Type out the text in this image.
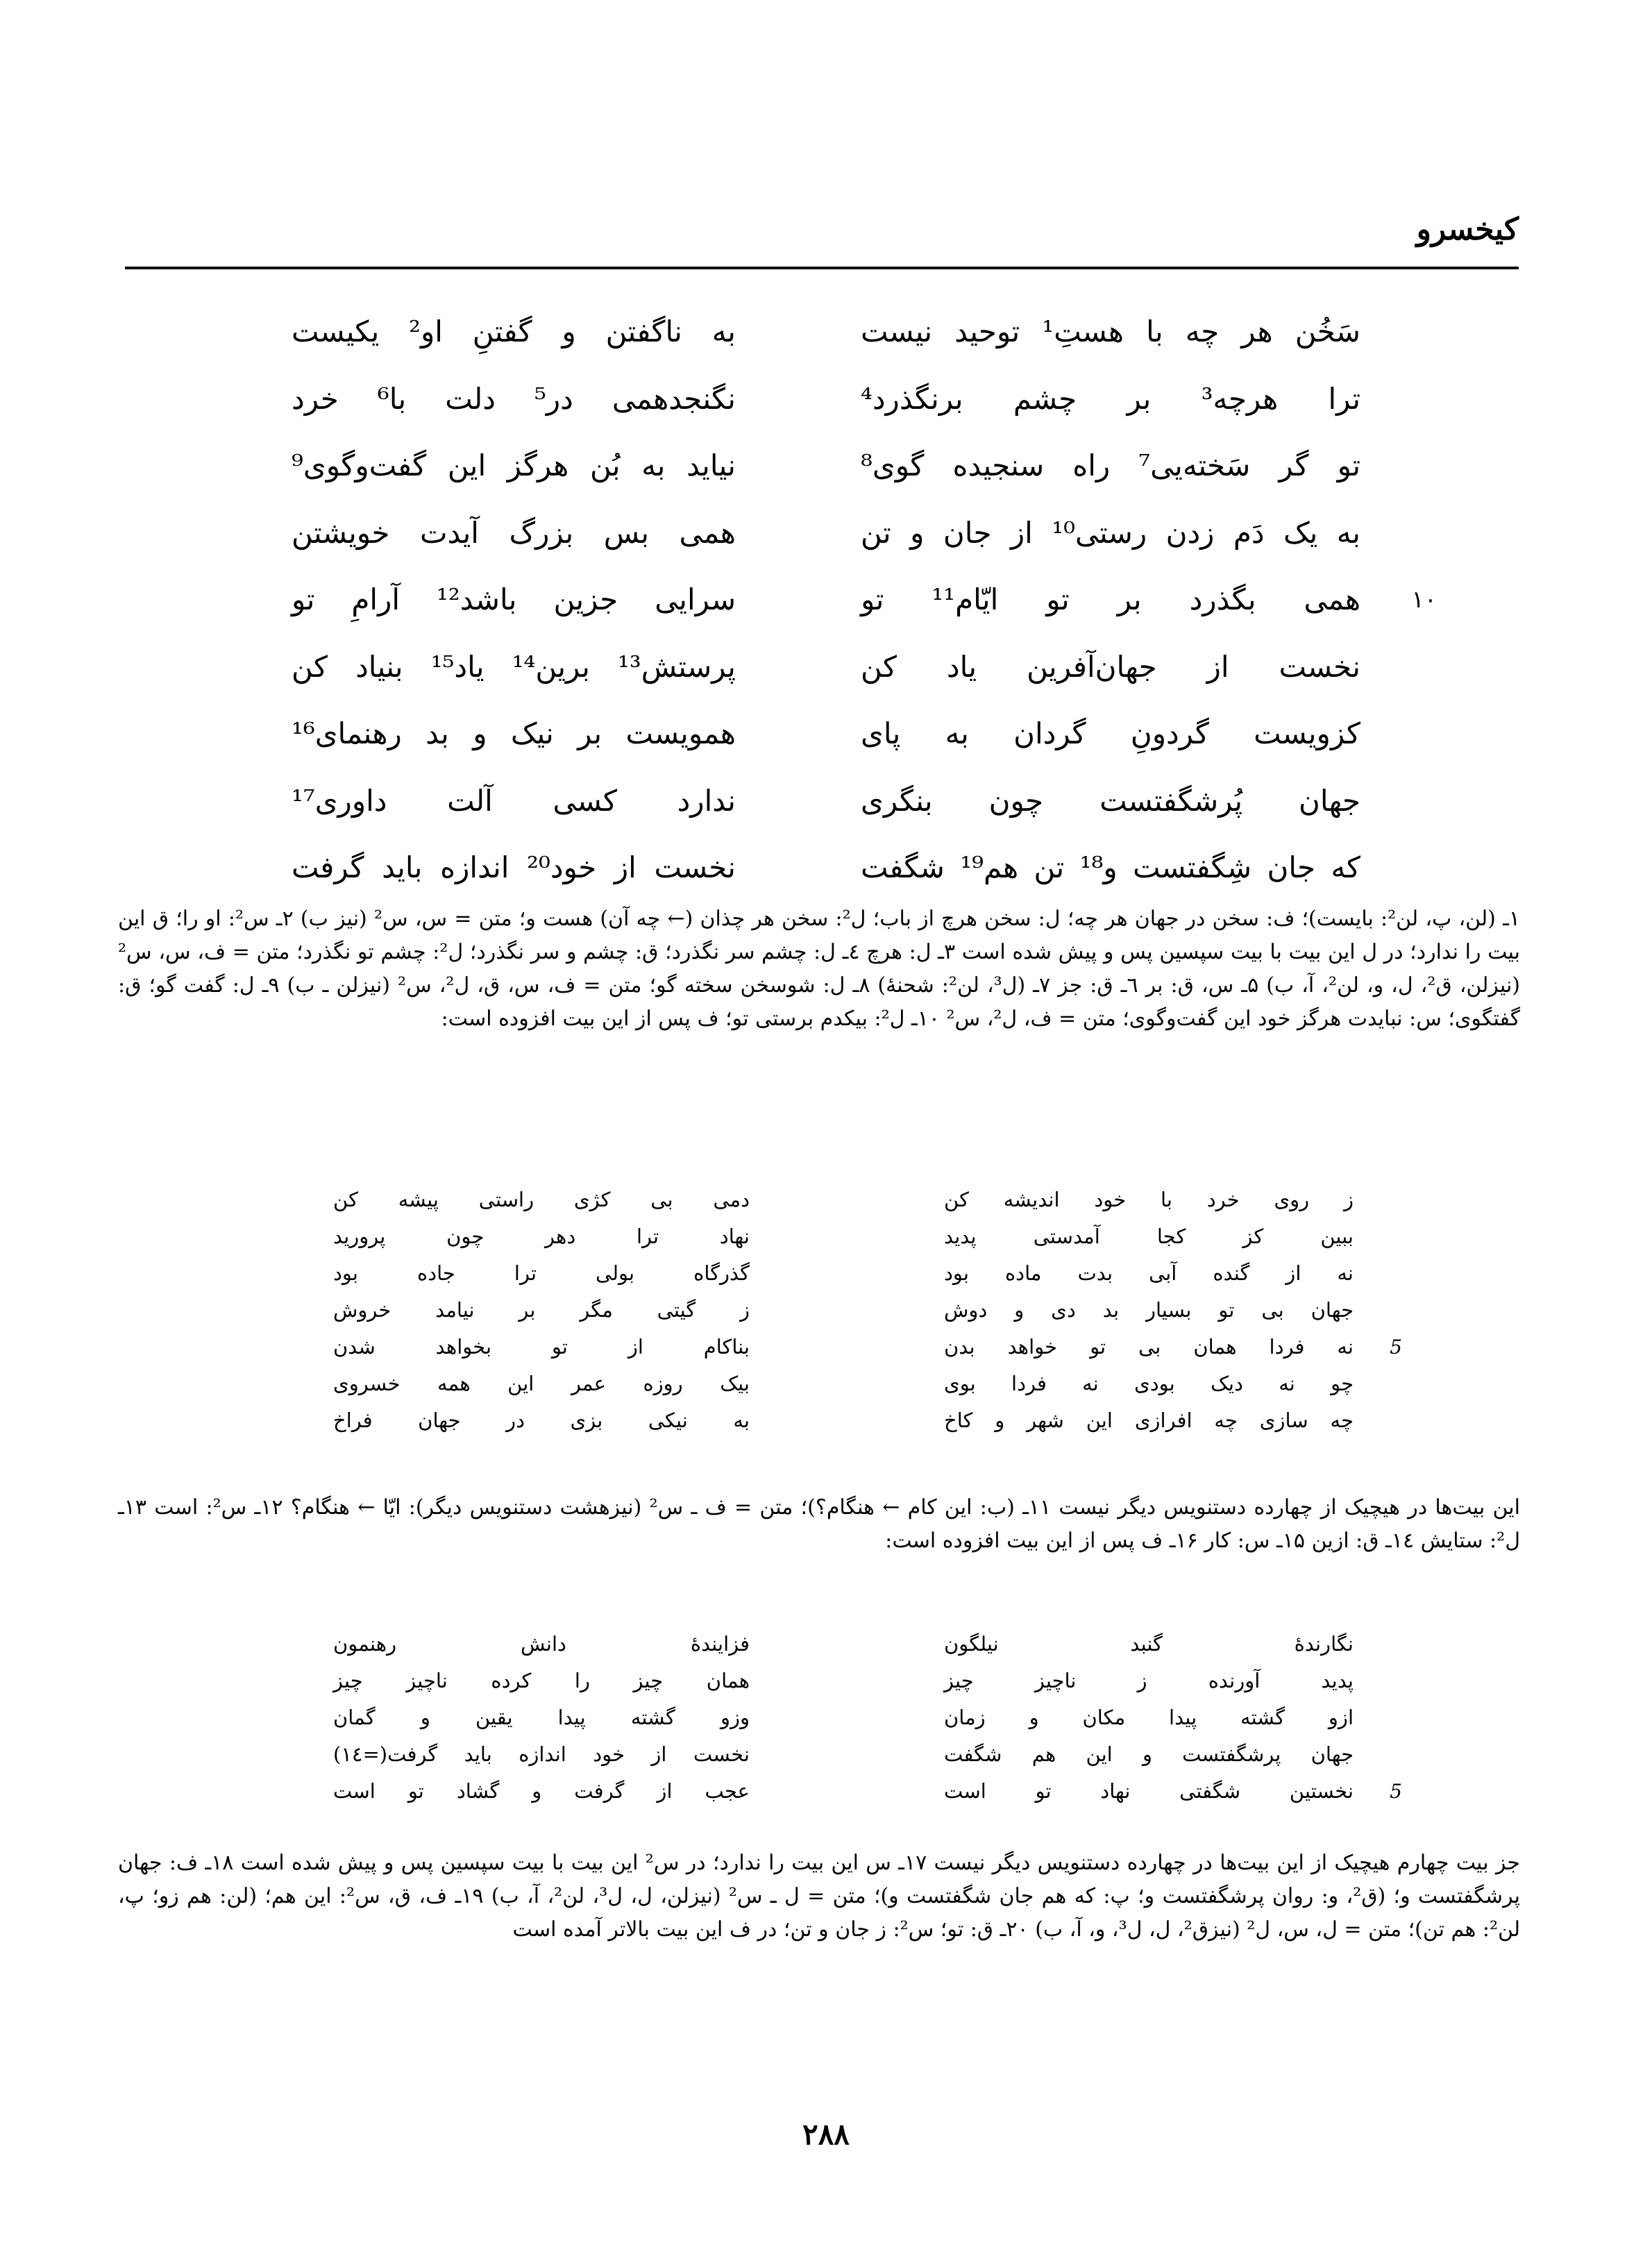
کیخسرو
سَخُن هر چه با هستِ¹ توحید نیست
به ناگفتن و گفتنِ او² یکیست
ترا هرچه³ بر چشم برنگذرد⁴
نگنجدهمی در⁵ دلت با⁶ خرد
تو گر سَخته‌یی⁷ راه سنجیده گوی⁸
نیاید به بُن هرگز این گفت‌وگوی⁹
به یک دَم زدن رستی¹⁰ از جان و تن
همی بس بزرگ آیدت خویشتن
۱۰
همی بگذرد بر تو ایّام¹¹ تو
سرایی جزین باشد¹² آرامِ تو
نخست از جهان‌آفرین یاد کن
پرستش¹³ برین¹⁴ یاد¹⁵ بنیاد کن
کزویست گردونِ گردان به پای
همویست بر نیک و بد رهنمای¹⁶
جهان پُرشگفتست چون بنگری
ندارد کسی آلت داوری¹⁷
که جان شِگفتست و¹⁸ تن هم¹⁹ شگفت
نخست از خود²⁰ اندازه باید گرفت
۱ـ (لن، پ، لن²: بایست)؛ ف: سخن در جهان هر چه؛ ل: سخن هرچ از باب؛ ل²: سخن هر چذان (← چه آن) هست و؛ متن = س، س² (نیز ب) ۲ـ س²: او را؛ ق این بیت را ندارد؛ در ل این بیت با بیت سپسین پس و پیش شده است ۳ـ ل: هرچ ٤ـ ل: چشم سر نگذرد؛ ق: چشم و سر نگذرد؛ ل²: چشم تو نگذرد؛ متن = ف، س، س² (نیزلن، ق²، ل، و، لن²، آ، ب) ۵ـ س، ق: بر ٦ـ ق: جز ۷ـ (ل³، لن²: شحنهٔ) ۸ـ ل: شوسخن سخته گو؛ متن = ف، س، ق، ل²، س² (نیزلن ـ ب) ۹ـ ل: گفت گو؛ ق: گفتگوی؛ س: نبایدت هرگز خود این گفت‌وگوی؛ متن = ف، ل²، س² ۱۰ـ ل²: بیکدم برستی تو؛ ف پس از این بیت افزوده است:
ز روی خرد با خود اندیشه کن
دمی بی کژی راستی پیشه کن
ببین کز کجا آمدستی پدید
نهاد ترا دهر چون پرورید
نه از گنده آبی بدت ماده بود
گذرگاه بولی ترا جاده بود
جهان بی تو بسیار بد دی و دوش
ز گیتی مگر بر نیامد خروش
5
نه فردا همان بی تو خواهد بدن
بناکام از تو بخواهد شدن
چو نه دیک بودی نه فردا بوی
بیک روزه عمر این همه خسروی
چه سازی چه افرازی این شهر و کاخ
به نیکی بزی در جهان فراخ
این بیت‌ها در هیچیک از چهارده دستنویس دیگر نیست ۱۱ـ (ب: این کام ← هنگام؟)؛ متن = ف ـ س² (نیزهشت دستنویس دیگر): ایّا ← هنگام؟ ۱۲ـ س²: است ۱۳ـ ل²: ستایش ۱٤ـ ق: ازین ۱۵ـ س: کار ۱۶ـ ف پس از این بیت افزوده است:
نگارندهٔ گنبد نیلگون
فزایندهٔ دانش رهنمون
پدید آورنده ز ناچیز چیز
همان چیز را کرده ناچیز چیز
ازو گشته پیدا مکان و زمان
وزو گشته پیدا یقین و گمان
جهان پرشگفتست و این هم شگفت
نخست از خود اندازه باید گرفت(=۱٤)
5
نخستین شگفتی نهاد تو است
عجب از گرفت و گشاد تو است
جز بیت چهارم هیچیک از این بیت‌ها در چهارده دستنویس دیگر نیست ۱۷ـ س این بیت را ندارد؛ در س² این بیت با بیت سپسین پس و پیش شده است ۱۸ـ ف: جهان پرشگفتست و؛ (ق²، و: روان پرشگفتست و؛ پ: که هم جان شگفتست و)؛ متن = ل ـ س² (نیزلن، ل، ل³، لن²، آ، ب) ۱۹ـ ف، ق، س²: این هم؛ (لن: هم زو؛ پ، لن²: هم تن)؛ متن = ل، س، ل² (نیزق²، ل، ل³، و، آ، ب) ۲۰ـ ق: تو؛ س²: ز جان و تن؛ در ف این بیت بالاتر آمده است
۲۸۸
